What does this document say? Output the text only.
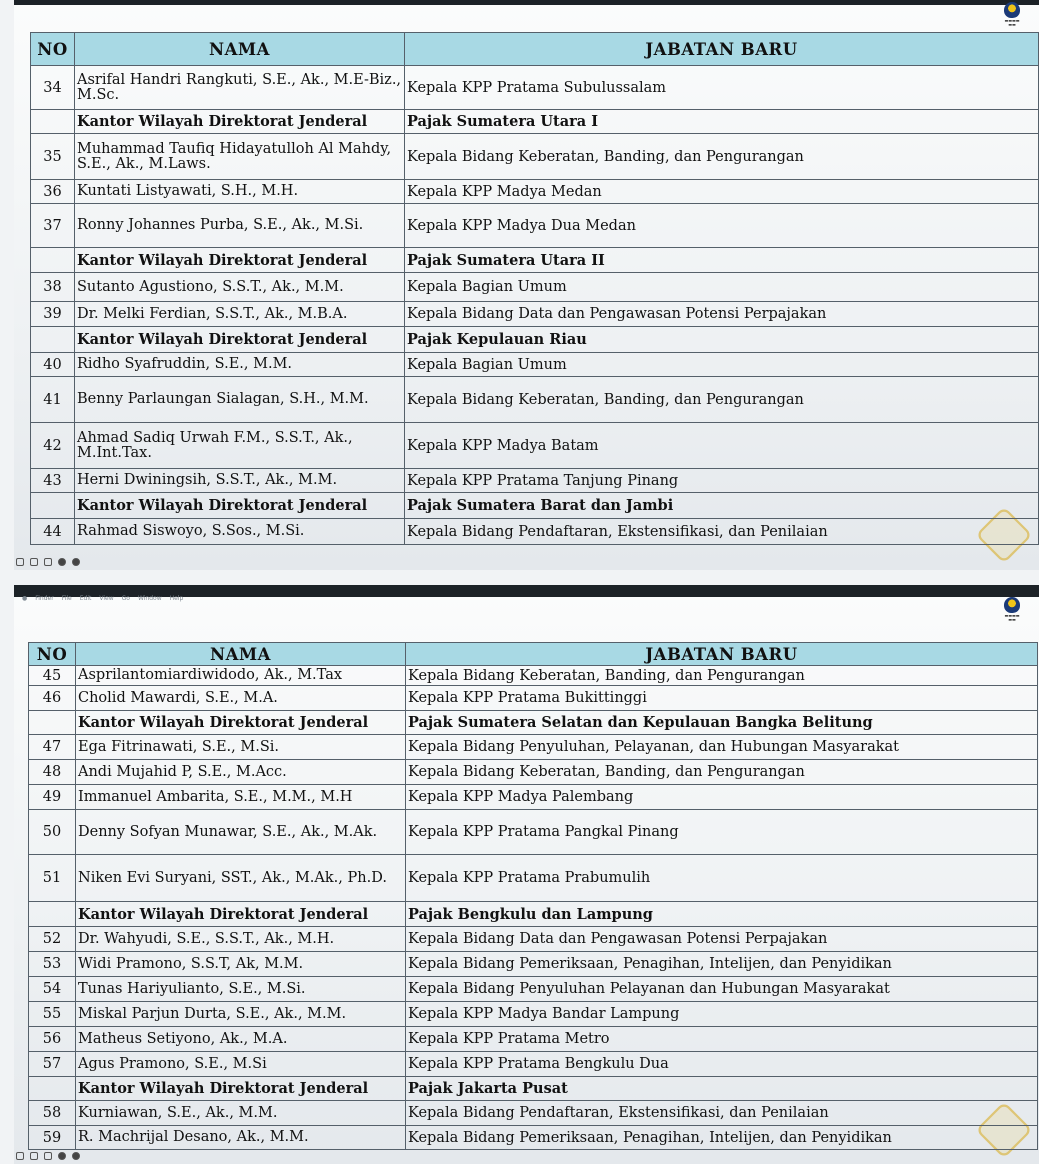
▬▬▬▬
▬▬
NO	NAMA	JABATAN BARU
34	Asrifal Handri Rangkuti, S.E., Ak., M.E-Biz., M.Sc.	Kepala KPP Pratama Subulussalam
	Kantor Wilayah Direktorat Jenderal	Pajak Sumatera Utara I
35	Muhammad Taufiq Hidayatulloh Al Mahdy, S.E., Ak., M.Laws.	Kepala Bidang Keberatan, Banding, dan Pengurangan
36	Kuntati Listyawati, S.H., M.H.	Kepala KPP Madya Medan
37	Ronny Johannes Purba, S.E., Ak., M.Si.	Kepala KPP Madya Dua Medan
	Kantor Wilayah Direktorat Jenderal	Pajak Sumatera Utara II
38	Sutanto Agustiono, S.S.T., Ak., M.M.	Kepala Bagian Umum
39	Dr. Melki Ferdian, S.S.T., Ak., M.B.A.	Kepala Bidang Data dan Pengawasan Potensi Perpajakan
	Kantor Wilayah Direktorat Jenderal	Pajak Kepulauan Riau
40	Ridho Syafruddin, S.E., M.M.	Kepala Bagian Umum
41	Benny Parlaungan Sialagan, S.H., M.M.	Kepala Bidang Keberatan, Banding, dan Pengurangan
42	Ahmad Sadiq Urwah F.M., S.S.T., Ak., M.Int.Tax.	Kepala KPP Madya Batam
43	Herni Dwiningsih, S.S.T., Ak., M.M.	Kepala KPP Pratama Tanjung Pinang
	Kantor Wilayah Direktorat Jenderal	Pajak Sumatera Barat dan Jambi
44	Rahmad Siswoyo, S.Sos., M.Si.	Kepala Bidang Pendaftaran, Ekstensifikasi, dan Penilaian
● Finder File Edit View Go Window Help
▬▬▬▬
▬▬
NO	NAMA	JABATAN BARU
45	Asprilantomiardiwidodo, Ak., M.Tax	Kepala Bidang Keberatan, Banding, dan Pengurangan
46	Cholid Mawardi, S.E., M.A.	Kepala KPP Pratama Bukittinggi
	Kantor Wilayah Direktorat Jenderal	Pajak Sumatera Selatan dan Kepulauan Bangka Belitung
47	Ega Fitrinawati, S.E., M.Si.	Kepala Bidang Penyuluhan, Pelayanan, dan Hubungan Masyarakat
48	Andi Mujahid P, S.E., M.Acc.	Kepala Bidang Keberatan, Banding, dan Pengurangan
49	Immanuel Ambarita, S.E., M.M., M.H	Kepala KPP Madya Palembang
50	Denny Sofyan Munawar, S.E., Ak., M.Ak.	Kepala KPP Pratama Pangkal Pinang
51	Niken Evi Suryani, SST., Ak., M.Ak., Ph.D.	Kepala KPP Pratama Prabumulih
	Kantor Wilayah Direktorat Jenderal	Pajak Bengkulu dan Lampung
52	Dr. Wahyudi, S.E., S.S.T., Ak., M.H.	Kepala Bidang Data dan Pengawasan Potensi Perpajakan
53	Widi Pramono, S.S.T, Ak, M.M.	Kepala Bidang Pemeriksaan, Penagihan, Intelijen, dan Penyidikan
54	Tunas Hariyulianto, S.E., M.Si.	Kepala Bidang Penyuluhan Pelayanan dan Hubungan Masyarakat
55	Miskal Parjun Durta, S.E., Ak., M.M.	Kepala KPP Madya Bandar Lampung
56	Matheus Setiyono, Ak., M.A.	Kepala KPP Pratama Metro
57	Agus Pramono, S.E., M.Si	Kepala KPP Pratama Bengkulu Dua
	Kantor Wilayah Direktorat Jenderal	Pajak Jakarta Pusat
58	Kurniawan, S.E., Ak., M.M.	Kepala Bidang Pendaftaran, Ekstensifikasi, dan Penilaian
59	R. Machrijal Desano, Ak., M.M.	Kepala Bidang Pemeriksaan, Penagihan, Intelijen, dan Penyidikan
